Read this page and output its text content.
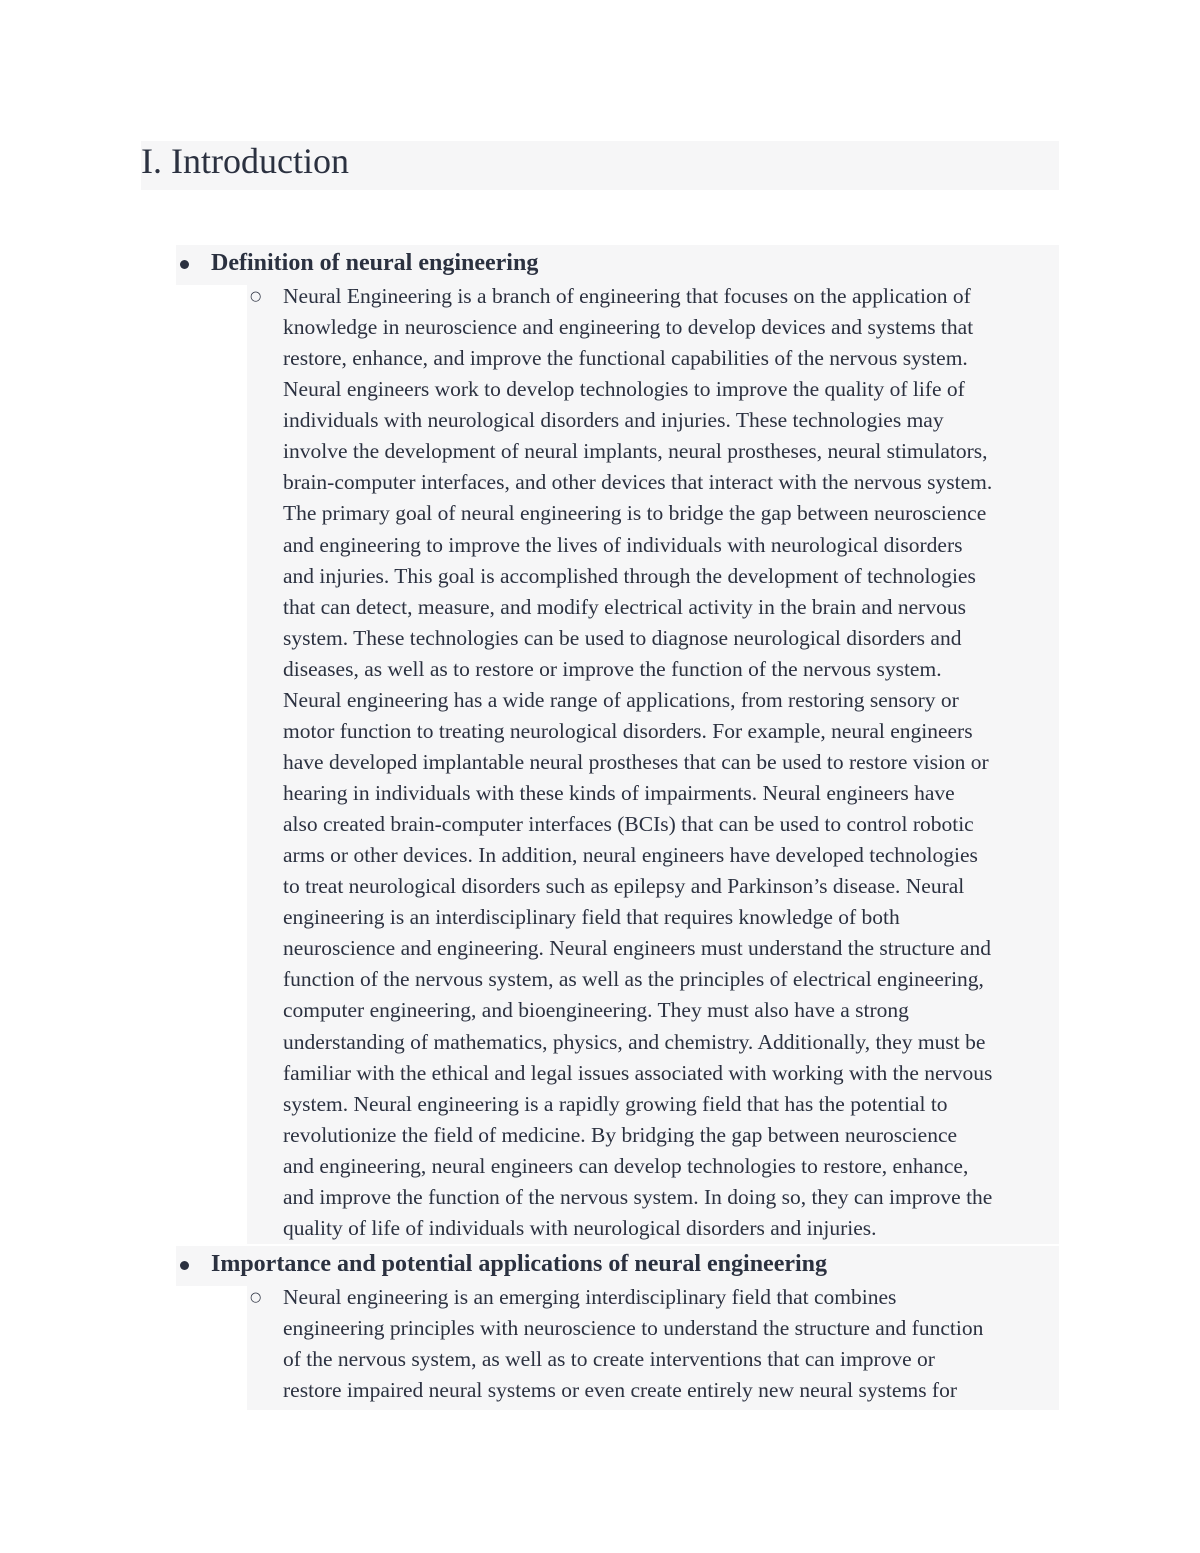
I. Introduction
Definition of neural engineering
○ Neural Engineering is a branch of engineering that focuses on the application of
knowledge in neuroscience and engineering to develop devices and systems that
restore, enhance, and improve the functional capabilities of the nervous system.
Neural engineers work to develop technologies to improve the quality of life of
individuals with neurological disorders and injuries. These technologies may
involve the development of neural implants, neural prostheses, neural stimulators,
brain-computer interfaces, and other devices that interact with the nervous system.
The primary goal of neural engineering is to bridge the gap between neuroscience
and engineering to improve the lives of individuals with neurological disorders
and injuries. This goal is accomplished through the development of technologies
that can detect, measure, and modify electrical activity in the brain and nervous
system. These technologies can be used to diagnose neurological disorders and
diseases, as well as to restore or improve the function of the nervous system.
Neural engineering has a wide range of applications, from restoring sensory or
motor function to treating neurological disorders. For example, neural engineers
have developed implantable neural prostheses that can be used to restore vision or
hearing in individuals with these kinds of impairments. Neural engineers have
also created brain-computer interfaces (BCIs) that can be used to control robotic
arms or other devices. In addition, neural engineers have developed technologies
to treat neurological disorders such as epilepsy and Parkinson’s disease. Neural
engineering is an interdisciplinary field that requires knowledge of both
neuroscience and engineering. Neural engineers must understand the structure and
function of the nervous system, as well as the principles of electrical engineering,
computer engineering, and bioengineering. They must also have a strong
understanding of mathematics, physics, and chemistry. Additionally, they must be
familiar with the ethical and legal issues associated with working with the nervous
system. Neural engineering is a rapidly growing field that has the potential to
revolutionize the field of medicine. By bridging the gap between neuroscience
and engineering, neural engineers can develop technologies to restore, enhance,
and improve the function of the nervous system. In doing so, they can improve the
quality of life of individuals with neurological disorders and injuries.
Importance and potential applications of neural engineering
○ Neural engineering is an emerging interdisciplinary field that combines
engineering principles with neuroscience to understand the structure and function
of the nervous system, as well as to create interventions that can improve or
restore impaired neural systems or even create entirely new neural systems for
